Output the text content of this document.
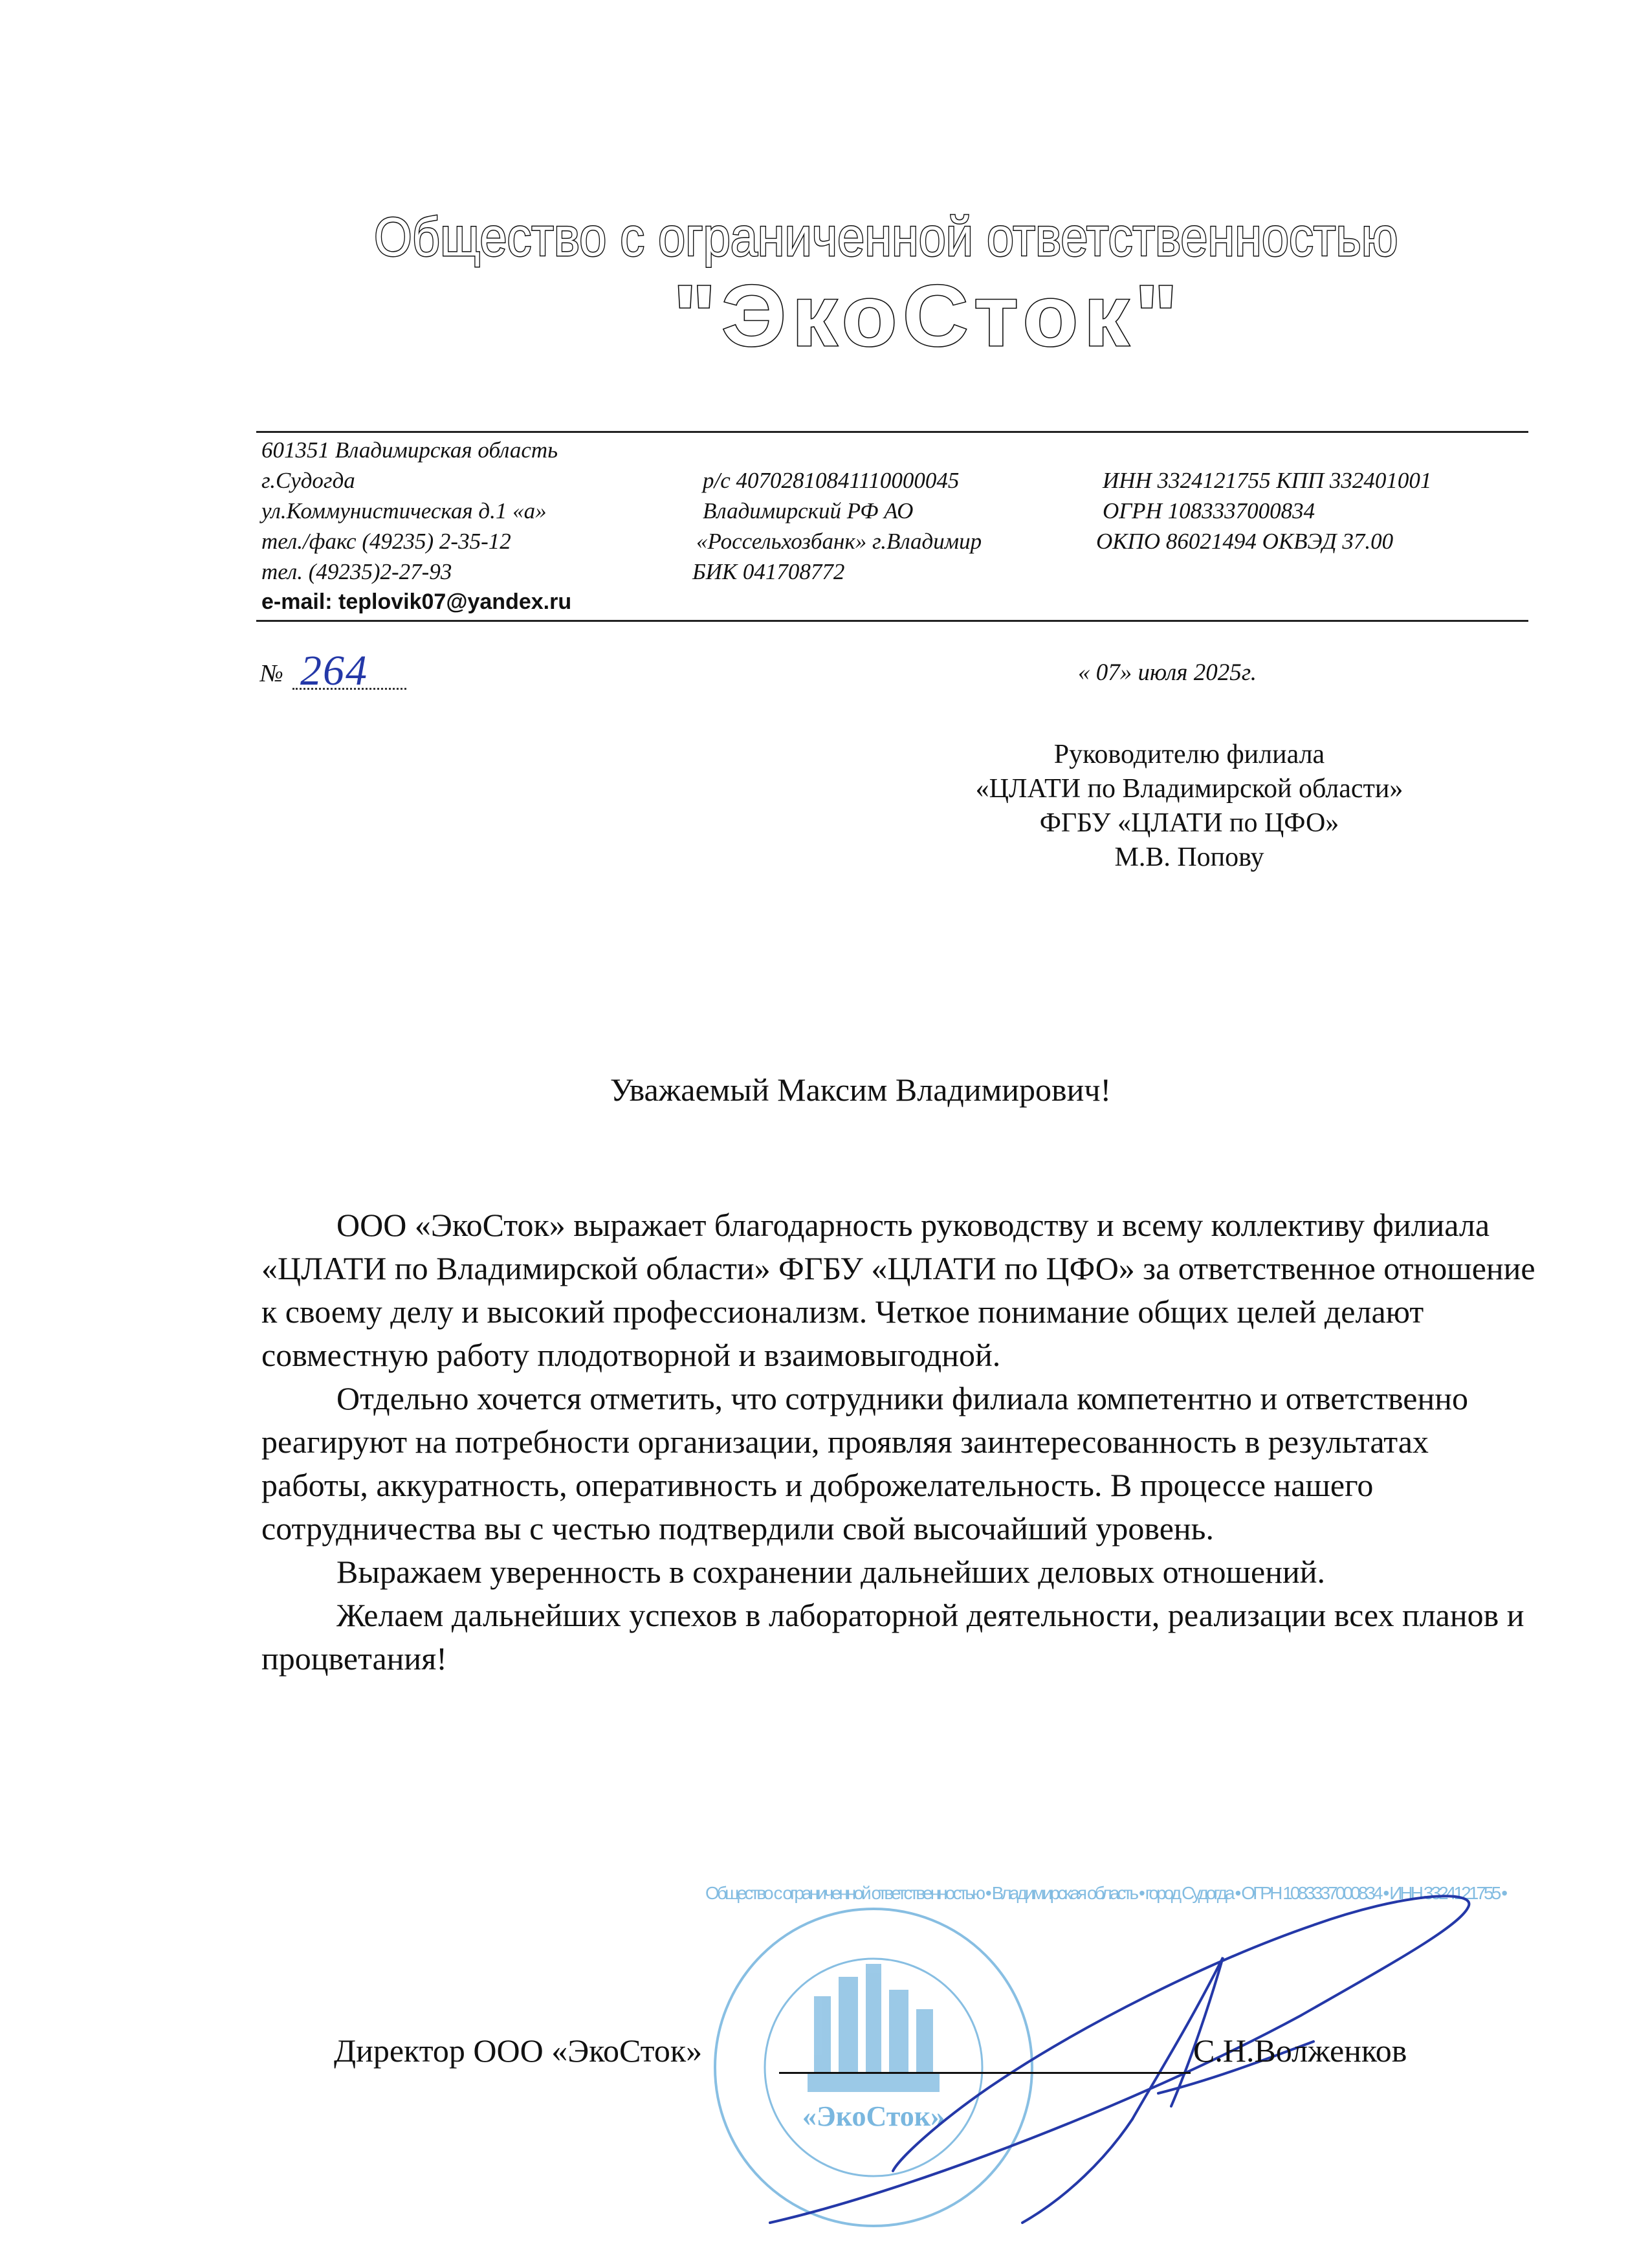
Общество с ограниченной ответственностью
"ЭкоСток"
601351 Владимирская область
г.Судогда
ул.Коммунистическая д.1 «а»
тел./факс (49235) 2-35-12
тел. (49235)2-27-93
e-mail: teplovik07@yandex.ru
р/с 40702810841110000045
Владимирский РФ АО
«Россельхозбанк» г.Владимир
БИК 041708772
ИНН 3324121755 КПП 332401001
ОГРН 1083337000834
ОКПО 86021494 ОКВЭД 37.00
№ 264	« 07» июля 2025г.
Руководителю филиала
«ЦЛАТИ по Владимирской области»
ФГБУ «ЦЛАТИ по ЦФО»
М.В. Попову
Уважаемый Максим Владимирович!

ООО «ЭкоСток» выражает благодарность руководству и всему коллективу филиала «ЦЛАТИ по Владимирской области» ФГБУ «ЦЛАТИ по ЦФО» за ответственное отношение к своему делу и высокий профессионализм. Четкое понимание общих целей делают совместную работу плодотворной и взаимовыгодной.

Отдельно хочется отметить, что сотрудники филиала компетентно и ответственно реагируют на потребности организации, проявляя заинтересованность в результатах работы, аккуратность, оперативность и доброжелательность. В процессе нашего сотрудничества вы с честью подтвердили свой высочайший уровень.

Выражаем уверенность в сохранении дальнейших деловых отношений.

Желаем дальнейших успехов в лабораторной деятельности, реализации всех планов и процветания!

Общество с ограниченной ответственностью • Владимирская область • город Судогда • ОГРН 1083337000834 • ИНН 3324121755 •
«ЭкоСток»
Директор ООО «ЭкоСток»	С.Н.Волженков
